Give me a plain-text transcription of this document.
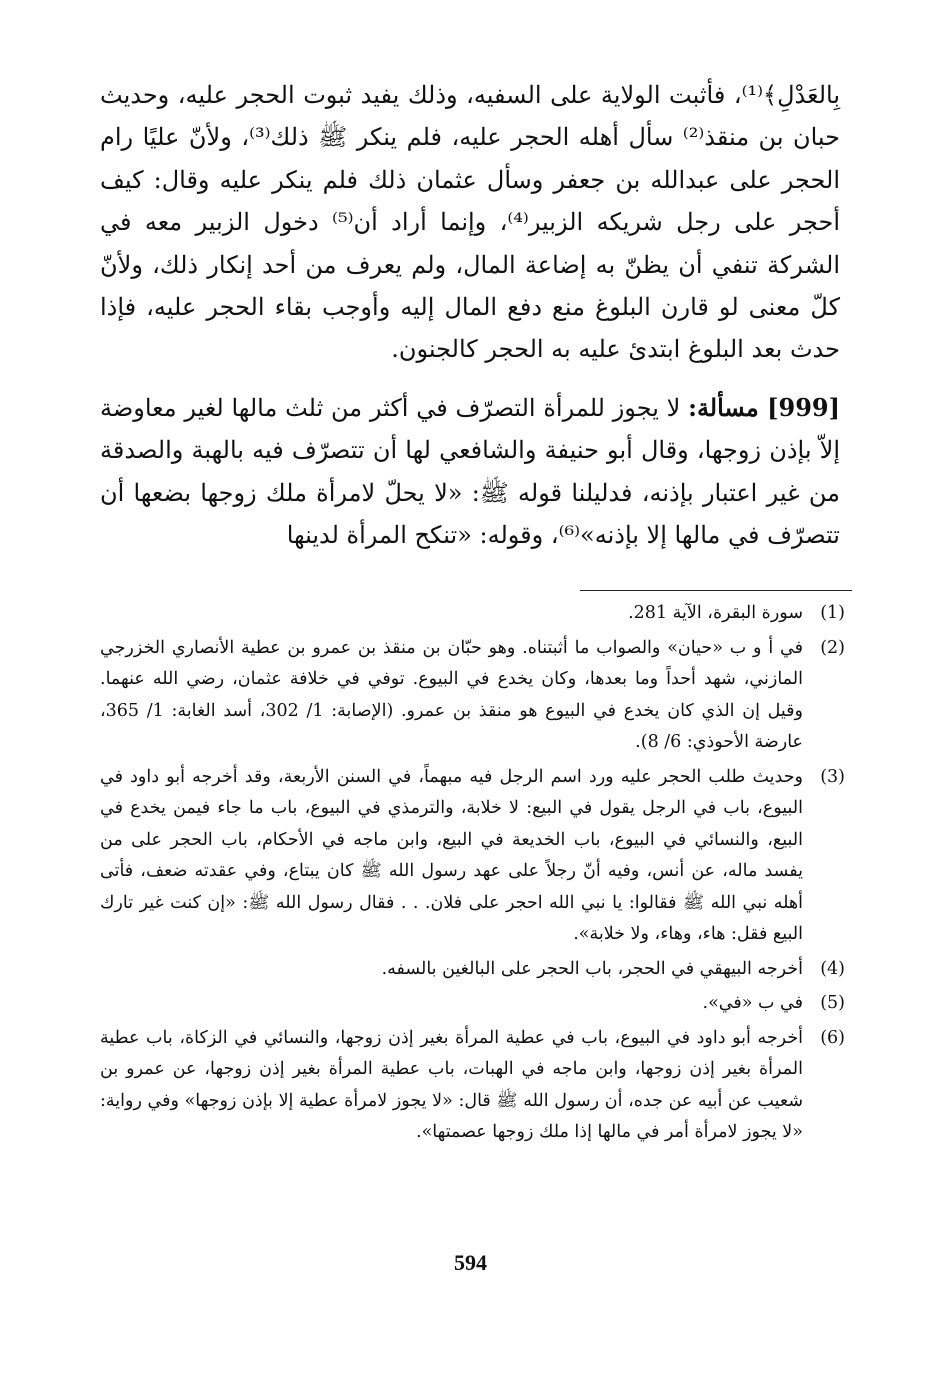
بِالعَدْلِ﴾⁽¹⁾، فأثبت الولاية على السفيه، وذلك يفيد ثبوت الحجر عليه، وحديث حبان بن منقذ⁽²⁾ سأل أهله الحجر عليه، فلم ينكر ﷺ ذلك⁽³⁾، ولأنّ عليًا رام الحجر على عبدالله بن جعفر وسأل عثمان ذلك فلم ينكر عليه وقال: كيف أحجر على رجل شريكه الزبير⁽⁴⁾، وإنما أراد أن⁽⁵⁾ دخول الزبير معه في الشركة تنفي أن يظنّ به إضاعة المال، ولم يعرف من أحد إنكار ذلك، ولأنّ كلّ معنى لو قارن البلوغ منع دفع المال إليه وأوجب بقاء الحجر عليه، فإذا حدث بعد البلوغ ابتدئ عليه به الحجر كالجنون.

[999] مسألة: لا يجوز للمرأة التصرّف في أكثر من ثلث مالها لغير معاوضة إلاّ بإذن زوجها، وقال أبو حنيفة والشافعي لها أن تتصرّف فيه بالهبة والصدقة من غير اعتبار بإذنه، فدليلنا قوله ﷺ: «لا يحلّ لامرأة ملك زوجها بضعها أن تتصرّف في مالها إلا بإذنه»⁽⁶⁾، وقوله: «تنكح المرأة لدينها

(1)
سورة البقرة، الآية 281.
(2)
في أ و ب «حيان» والصواب ما أثبتناه. وهو حبّان بن منقذ بن عمرو بن عطية الأنصاري الخزرجي المازني، شهد أحداً وما بعدها، وكان يخدع في البيوع. توفي في خلافة عثمان، رضي الله عنهما. وقيل إن الذي كان يخدع في البيوع هو منقذ بن عمرو. (الإصابة: 1/ 302، أسد الغابة: 1/ 365، عارضة الأحوذي: 6/ 8).
(3)
وحديث طلب الحجر عليه ورد اسم الرجل فيه مبهماً، في السنن الأربعة، وقد أخرجه أبو داود في البيوع، باب في الرجل يقول في البيع: لا خلابة، والترمذي في البيوع، باب ما جاء فيمن يخدع في البيع، والنسائي في البيوع، باب الخديعة في البيع، وابن ماجه في الأحكام، باب الحجر على من يفسد ماله، عن أنس، وفيه أنّ رجلاً على عهد رسول الله ﷺ كان يبتاع، وفي عقدته ضعف، فأتى أهله نبي الله ﷺ فقالوا: يا نبي الله احجر على فلان. . . فقال رسول الله ﷺ: «إن كنت غير تارك البيع فقل: هاء، وهاء، ولا خلابة».
(4)
أخرجه البيهقي في الحجر، باب الحجر على البالغين بالسفه.
(5)
في ب «في».
(6)
أخرجه أبو داود في البيوع، باب في عطية المرأة بغير إذن زوجها، والنسائي في الزكاة، باب عطية المرأة بغير إذن زوجها، وابن ماجه في الهبات، باب عطية المرأة بغير إذن زوجها، عن عمرو بن شعيب عن أبيه عن جده، أن رسول الله ﷺ قال: «لا يجوز لامرأة عطية إلا بإذن زوجها» وفي رواية: «لا يجوز لامرأة أمر في مالها إذا ملك زوجها عصمتها».
594
